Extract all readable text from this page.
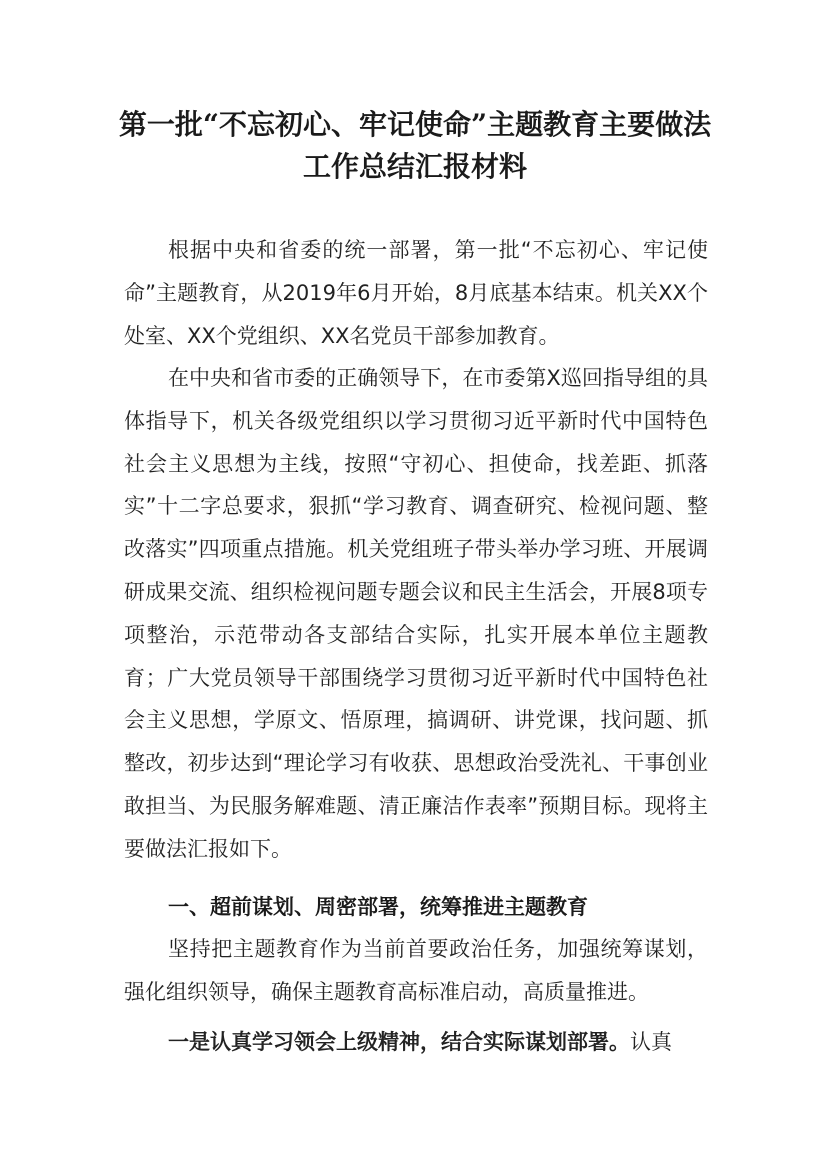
第一批“不忘初心、牢记使命”主题教育主要做法
工作总结汇报材料

根据中央和省委的统一部署，第一批“不忘初心、牢记使命”主题教育，从2019年6月开始，8月底基本结束。机关XX个处室、XX个党组织、XX名党员干部参加教育。

在中央和省市委的正确领导下，在市委第X巡回指导组的具体指导下，机关各级党组织以学习贯彻习近平新时代中国特色社会主义思想为主线，按照“守初心、担使命，找差距、抓落实”十二字总要求，狠抓“学习教育、调查研究、检视问题、整改落实”四项重点措施。机关党组班子带头举办学习班、开展调研成果交流、组织检视问题专题会议和民主生活会，开展8项专项整治，示范带动各支部结合实际，扎实开展本单位主题教育；广大党员领导干部围绕学习贯彻习近平新时代中国特色社会主义思想，学原文、悟原理，搞调研、讲党课，找问题、抓整改，初步达到“理论学习有收获、思想政治受洗礼、干事创业敢担当、为民服务解难题、清正廉洁作表率”预期目标。现将主要做法汇报如下。

一、超前谋划、周密部署，统筹推进主题教育

坚持把主题教育作为当前首要政治任务，加强统筹谋划，强化组织领导，确保主题教育高标准启动，高质量推进。

一是认真学习领会上级精神，结合实际谋划部署。认真
